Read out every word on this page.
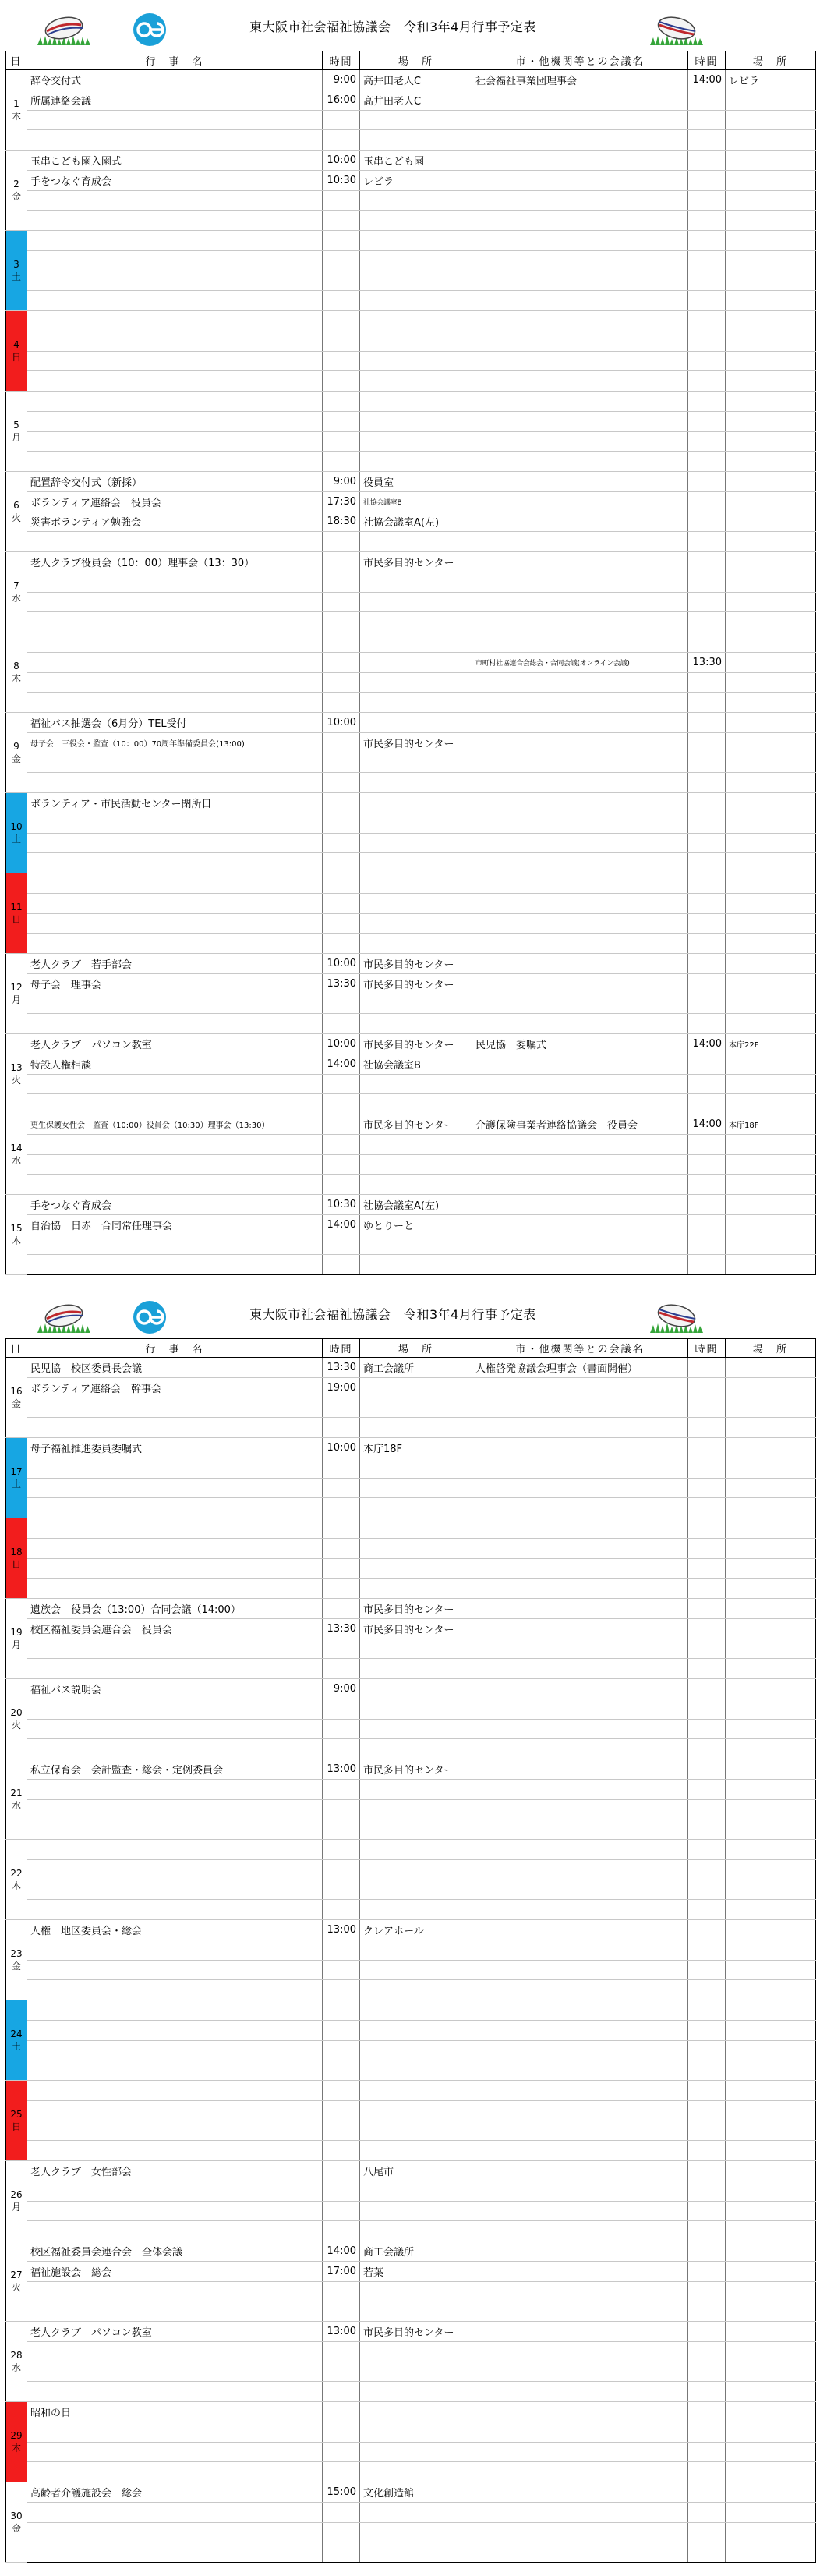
東大阪市社会福祉協議会　令和3年4月行事予定表
日	行　事　名	時間	場　所	市・他機関等との会議名	時間	場　所

1
木	辞令交付式	9:00	高井田老人C	社会福祉事業団理事会	14:00	レビラ
	所属連絡会議	16:00	高井田老人C			

2
金	玉串こども園入園式	10:00	玉串こども園			
	手をつなぐ育成会	10:30	レビラ			

3
土						

4
日						

5
月						

6
火	配置辞令交付式（新採）	9:00	役員室			
	ボランティア連絡会　役員会	17:30	社協会議室B			
	災害ボランティア勉強会	18:30	社協会議室A(左)			

7
水	老人クラブ役員会（10：00）理事会（13：30）		市民多目的センター			

8
木						

				市町村社協連合会総会・合同会議(オンライン会議)	13:30	

9
金	福祉バス抽選会（6月分）TEL受付	10:00				
	母子会　三役会・監査（10：00）70周年準備委員会(13:00)		市民多目的センター			

10
土	ボランティア・市民活動センター閉所日					

11
日						

12
月	老人クラブ　若手部会	10:00	市民多目的センター			
	母子会　理事会	13:30	市民多目的センター			

13
火	老人クラブ　パソコン教室	10:00	市民多目的センター	民児協　委嘱式	14:00	本庁22F
	特設人権相談	14:00	社協会議室B			

14
水	更生保護女性会　監査（10:00）役員会（10:30）理事会（13:30）		市民多目的センター	介護保険事業者連絡協議会　役員会	14:00	本庁18F

15
木	手をつなぐ育成会	10:30	社協会議室A(左)			
	自治協　日赤　合同常任理事会	14:00	ゆとりーと			

東大阪市社会福祉協議会　令和3年4月行事予定表
日	行　事　名	時間	場　所	市・他機関等との会議名	時間	場　所

16
金	民児協　校区委員長会議	13:30	商工会議所	人権啓発協議会理事会（書面開催）		
	ボランティア連絡会　幹事会	19:00				

17
土	母子福祉推進委員委嘱式	10:00	本庁18F			

18
日						

19
月	遺族会　役員会（13:00）合同会議（14:00）		市民多目的センター			
	校区福祉委員会連合会　役員会	13:30	市民多目的センター			

20
火	福祉バス説明会	9:00				

21
水	私立保育会　会計監査・総会・定例委員会	13:00	市民多目的センター			

22
木						

23
金	人権　地区委員会・総会	13:00	クレアホール			

24
土						

25
日						

26
月	老人クラブ　女性部会		八尾市			

27
火	校区福祉委員会連合会　全体会議	14:00	商工会議所			
	福祉施設会　総会	17:00	若葉			

28
水	老人クラブ　パソコン教室	13:00	市民多目的センター			

29
木	昭和の日					

30
金	高齢者介護施設会　総会	15:00	文化創造館			
